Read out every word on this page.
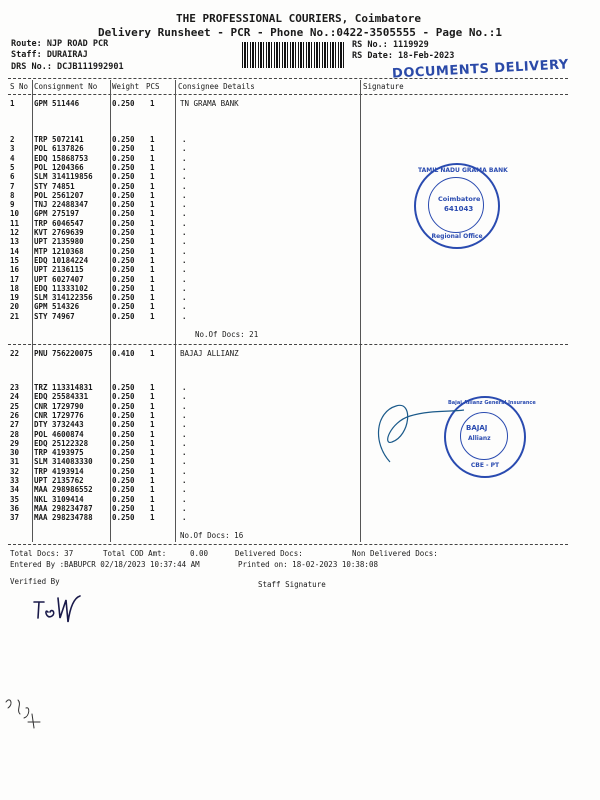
THE PROFESSIONAL COURIERS, Coimbatore
Delivery Runsheet - PCR - Phone No.:0422-3505555 - Page No.:1
Route: NJP ROAD PCR
Staff: DURAIRAJ
DRS No.: DCJB111992901
RS No.: 1119929
RS Date: 18-Feb-2023
DOCUMENTS DELIVERY
S No Consignment No Weight PCS Consignee Details	Signature
1	GPM 511446	0.250 1	TN GRAMA BANK
2	TRP 5072141	0.250 1	.
3	POL 6137826	0.250 1	.
4	EDQ 15868753	0.250 1	.
5	POL 1204366	0.250 1	.
6	SLM 314119856	0.250 1	.
7	STY 74851	0.250 1	.
8	POL 2561207	0.250 1	.
9	TNJ 22488347	0.250 1	.
10 GPM 275197	0.250 1	.
11 TRP 6046547	0.250 1	.
12 KVT 2769639	0.250 1	.
13 UPT 2135980	0.250 1	.
14 MTP 1210368	0.250 1	.
15 EDQ 10184224	0.250 1	.
16 UPT 2136115	0.250 1	.
17 UPT 6027407	0.250 1	.
18 EDQ 11333102	0.250 1	.
19 SLM 314122356	0.250 1	.
20 GPM 514326	0.250 1	.
21 STY 74967	0.250 1	.
No.Of Docs: 21
22 PNU 756220075	0.410 1	BAJAJ ALLIANZ
23 TRZ 113314831	0.250 1	.
24 EDQ 25584331	0.250 1	.
25 CNR 1729790	0.250 1	.
26 CNR 1729776	0.250 1	.
27 DTY 3732443	0.250 1	.
28 POL 4600874	0.250 1	.
29 EDQ 25122328	0.250 1	.
30 TRP 4193975	0.250 1	.
31 SLM 314083330	0.250 1	.
32 TRP 4193914	0.250 1	.
33 UPT 2135762	0.250 1	.
34 MAA 298986552	0.250 1	.
35 NKL 3109414	0.250 1	.
36 MAA 298234787	0.250 1	.
37 MAA 298234788	0.250 1	.
No.Of Docs: 16
Total Docs: 37	Total COD Amt:	0.00	Delivered Docs:	Non Delivered Docs:
Entered By :BABUPCR 02/18/2023 10:37:44 AM	Printed on: 18-02-2023 10:38:08
Verified By	Staff Signature
TAMIL NADU GRAMA BANK
Coimbatore
641043
Regional Office
Bajaj Allianz General Insurance
BAJAJ
Allianz
CBE - PT
